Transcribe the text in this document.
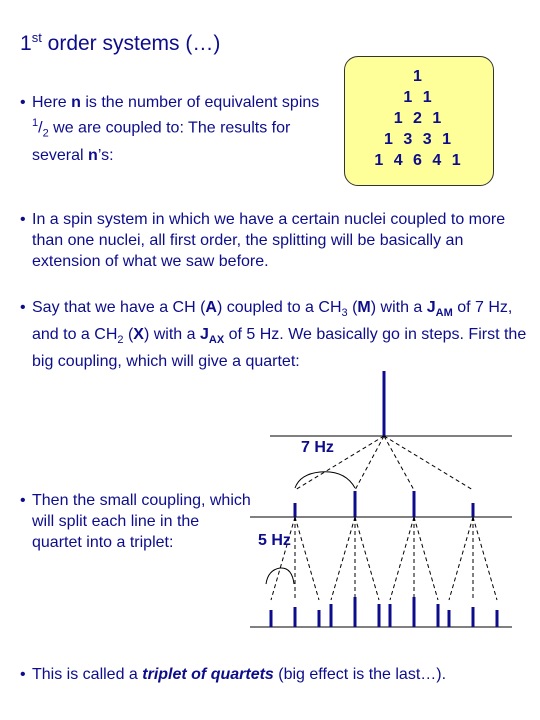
1st order systems (…)
• Here n is the number of equivalent spins $^1/_2$ we are coupled to: The results for several n’s:
1
1 1
1 2 1
1 3 3 1
1 4 6 4 1
• In a spin system in which we have a certain nuclei coupled to more than one nuclei, all first order, the splitting will be basically an extension of what we saw before.
• Say that we have a CH (A) coupled to a $CH_3$ (M) with a $J_{AM}$ of 7 Hz, and to a $CH_2$ (X) with a $J_{AX}$ of 5 Hz. We basically go in steps. First the big coupling, which will give a quartet:
7 Hz
5 Hz
• Then the small coupling, which will split each line in the quartet into a triplet:
• This is called a triplet of quartets (big effect is the last…).
